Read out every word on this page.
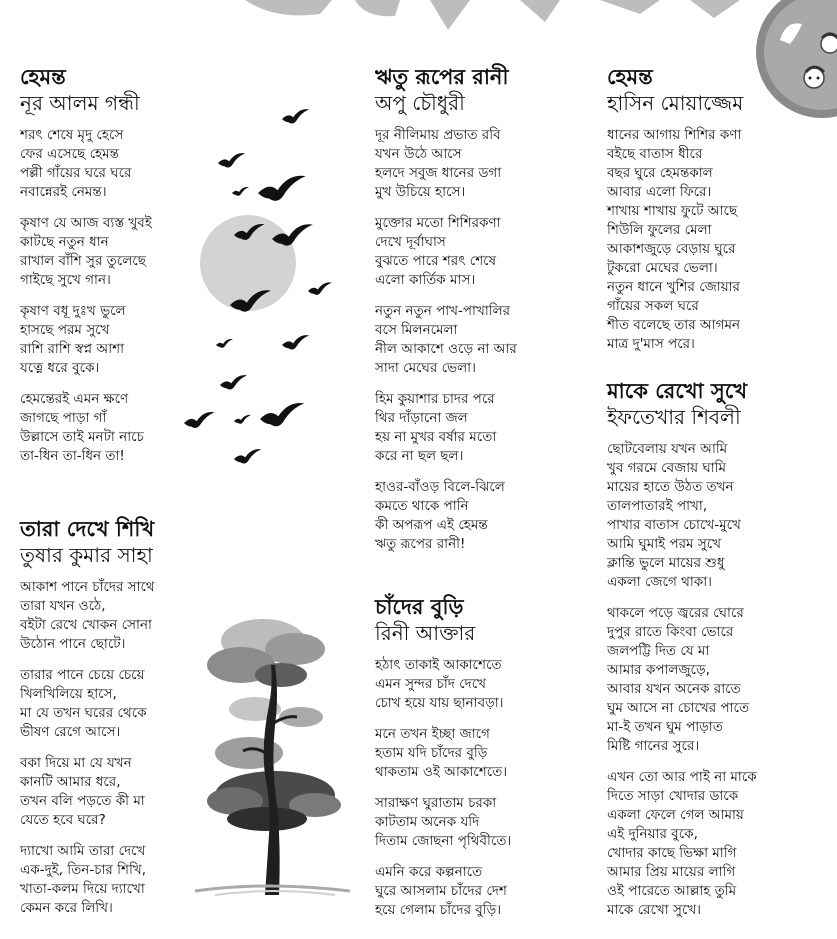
হেমন্ত

নূর আলম গন্ধী

শরৎ শেষে মৃদু হেসে
ফের এসেছে হেমন্ত
পল্লী গাঁয়ের ঘরে ঘরে
নবান্নেরই নেমন্ত।
কৃষাণ যে আজ ব্যস্ত খুবই
কাটছে নতুন ধান
রাখাল বাঁশি সুর তুলেছে
গাইছে সুখে গান।
কৃষাণ বধূ দুঃখ ভুলে
হাসছে পরম সুখে
রাশি রাশি স্বপ্ন আশা
যত্নে ধরে বুকে।
হেমন্তেরই এমন ক্ষণে
জাগছে পাড়া গাঁ
উল্লাসে তাই মনটা নাচে
তা-ধিন তা-ধিন তা!

তারা দেখে শিখি

তুষার কুমার সাহা

আকাশ পানে চাঁদের সাথে
তারা যখন ওঠে,
বইটা রেখে খোকন সোনা
উঠোন পানে ছোটে।
তারার পানে চেয়ে চেয়ে
খিলখিলিয়ে হাসে,
মা যে তখন ঘরের থেকে
ভীষণ রেগে আসে।
বকা দিয়ে মা যে যখন
কানটি আমার ধরে,
তখন বলি পড়তে কী মা
যেতে হবে ঘরে?
দ্যাখো আমি তারা দেখে
এক-দুই, তিন-চার শিখি,
খাতা-কলম দিয়ে দ্যাখো
কেমন করে লিখি।

ঋতু রূপের রানী

অপু চৌধুরী

দূর নীলিমায় প্রভাত রবি
যখন উঠে আসে
হলদে সবুজ ধানের ডগা
মুখ উচিয়ে হাসে।
মুক্তোর মতো শিশিরকণা
দেখে দূর্বাঘাস
বুঝতে পারে শরৎ শেষে
এলো কার্তিক মাস।
নতুন নতুন পাখ-পাখালির
বসে মিলনমেলা
নীল আকাশে ওড়ে না আর
সাদা মেঘের ভেলা।
হিম কুয়াশার চাদর পরে
থির দাঁড়ানো জল
হয় না মুখর বর্ষার মতো
করে না ছল ছল।
হাওর-বাঁওড় বিলে-ঝিলে
কমতে থাকে পানি
কী অপরূপ এই হেমন্ত
ঋতু রূপের রানী!

চাঁদের বুড়ি

রিনী আক্তার

হঠাৎ তাকাই আকাশেতে
এমন সুন্দর চাঁদ দেখে
চোখ হয়ে যায় ছানাবড়া।
মনে তখন ইচ্ছা জাগে
হতাম যদি চাঁদের বুড়ি
থাকতাম ওই আকাশেতে।
সারাক্ষণ ঘুরাতাম চরকা
কাটতাম অনেক যদি
দিতাম জোছনা পৃথিবীতে।
এমনি করে কল্পনাতে
ঘুরে আসলাম চাঁদের দেশ
হয়ে গেলাম চাঁদের বুড়ি।

হেমন্ত

হাসিন মোয়াজ্জেম

ধানের আগায় শিশির কণা
বইছে বাতাস ধীরে
বছর ঘুরে হেমন্তকাল
আবার এলো ফিরে।
শাখায় শাখায় ফুটে আছে
শিউলি ফুলের মেলা
আকাশজুড়ে বেড়ায় ঘুরে
টুকরো মেঘের ভেলা।
নতুন ধানে খুশির জোয়ার
গাঁয়ের সকল ঘরে
শীত বলেছে তার আগমন
মাত্র দু'মাস পরে।

মাকে রেখো সুখে

ইফতেখার শিবলী

ছোটবেলায় যখন আমি
খুব গরমে বেজায় ঘামি
মায়ের হাতে উঠত তখন
তালপাতারই পাখা,
পাখার বাতাস চোখে-মুখে
আমি ঘুমাই পরম সুখে
ক্লান্তি ভুলে মায়ের শুধু
একলা জেগে থাকা।
থাকলে পড়ে জ্বরের ঘোরে
দুপুর রাতে কিংবা ভোরে
জলপট্টি দিত যে মা
আমার কপালজুড়ে,
আবার যখন অনেক রাতে
ঘুম আসে না চোখের পাতে
মা-ই তখন ঘুম পাড়াত
মিষ্টি গানের সুরে।
এখন তো আর পাই না মাকে
দিতে সাড়া খোদার ডাকে
একলা ফেলে গেল আমায়
এই দুনিয়ার বুকে,
খোদার কাছে ভিক্ষা মাগি
আমার প্রিয় মায়ের লাগি
ওই পারেতে আল্লাহ তুমি
মাকে রেখো সুখে।
